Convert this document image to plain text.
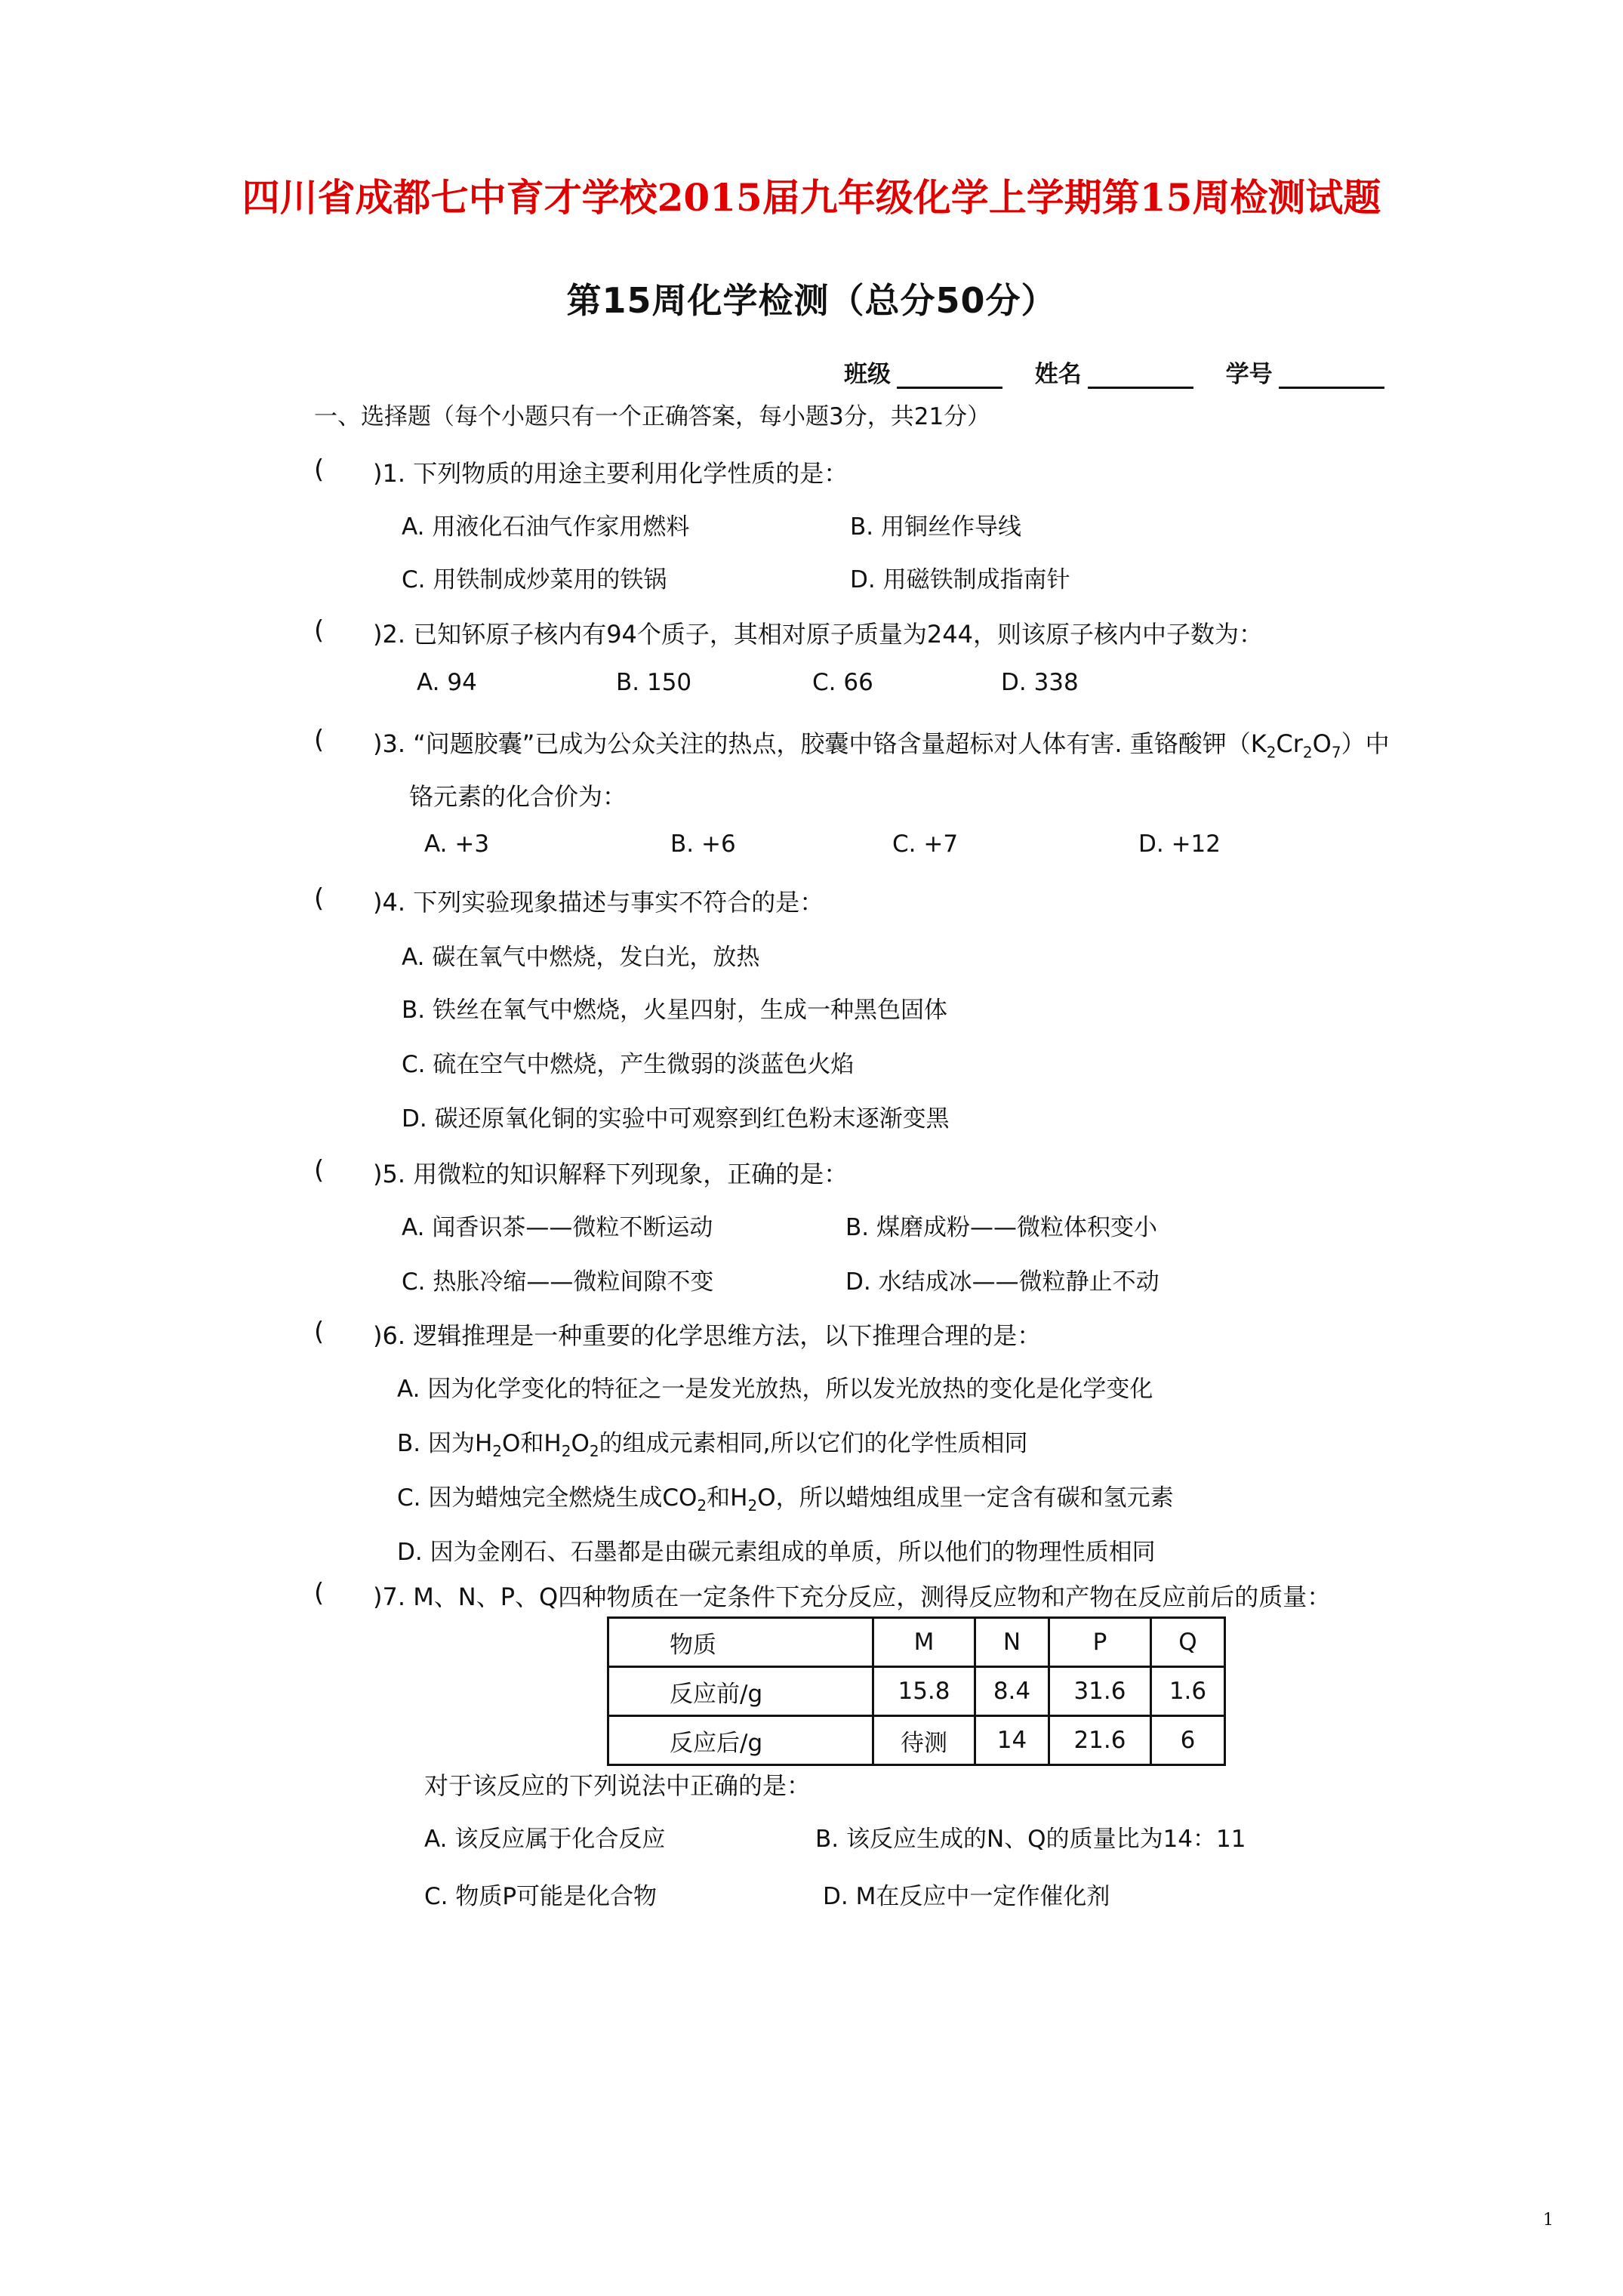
四川省成都七中育才学校2015届九年级化学上学期第15周检测试题
第15周化学检测（总分50分）
班级	姓名	学号
一、选择题（每个小题只有一个正确答案，每小题3分，共21分）
( )1. 下列物质的用途主要利用化学性质的是：
A. 用液化石油气作家用燃料	B. 用铜丝作导线
C. 用铁制成炒菜用的铁锅	D. 用磁铁制成指南针
( )2. 已知钚原子核内有94个质子，其相对原子质量为244，则该原子核内中子数为：
A. 94	B. 150	C. 66	D. 338
( )3. “问题胶囊”已成为公众关注的热点，胶囊中铬含量超标对人体有害. 重铬酸钾$(K_2Cr_2O_7)$中
铬元素的化合价为：
A. +3	B. +6	C. +7	D. +12
( )4. 下列实验现象描述与事实不符合的是：
A. 碳在氧气中燃烧，发白光，放热
B. 铁丝在氧气中燃烧，火星四射，生成一种黑色固体
C. 硫在空气中燃烧，产生微弱的淡蓝色火焰
D. 碳还原氧化铜的实验中可观察到红色粉末逐渐变黑
( )5. 用微粒的知识解释下列现象，正确的是：
A. 闻香识茶——微粒不断运动	B. 煤磨成粉——微粒体积变小
C. 热胀冷缩——微粒间隙不变	D. 水结成冰——微粒静止不动
( )6. 逻辑推理是一种重要的化学思维方法，以下推理合理的是：
A. 因为化学变化的特征之一是发光放热，所以发光放热的变化是化学变化
B. 因为$H_2O$和$H_2O_2$的组成元素相同,所以它们的化学性质相同
C. 因为蜡烛完全燃烧生成$CO_2$和$H_2O$，所以蜡烛组成里一定含有碳和氢元素
D. 因为金刚石、石墨都是由碳元素组成的单质，所以他们的物理性质相同
( )7. M、N、P、Q四种物质在一定条件下充分反应，测得反应物和产物在反应前后的质量：
物质	M	N	P	Q
反应前/g	15.8	8.4	31.6	1.6
反应后/g	待测	14	21.6	6
对于该反应的下列说法中正确的是：
A. 该反应属于化合反应	B. 该反应生成的N、Q的质量比为14：11
C. 物质P可能是化合物	D. M在反应中一定作催化剂
1
